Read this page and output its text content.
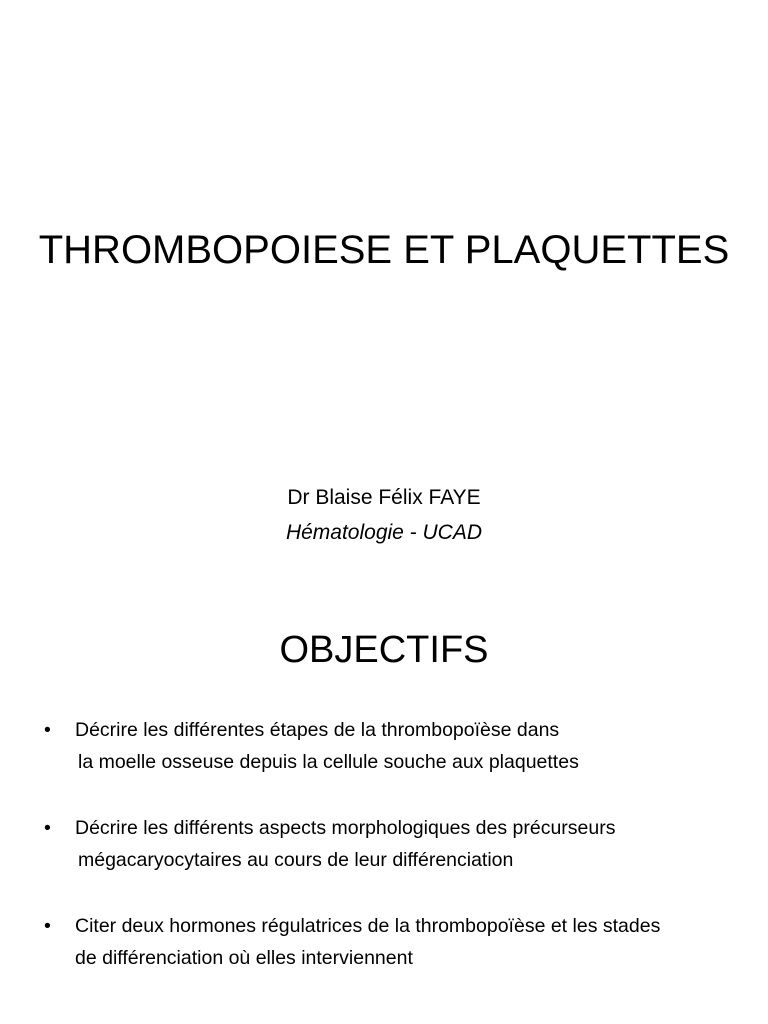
THROMBOPOIESE ET PLAQUETTES
Dr Blaise Félix FAYE
Hématologie - UCAD
OBJECTIFS
• Décrire les différentes étapes de la thrombopoïèse dans
la moelle osseuse depuis la cellule souche aux plaquettes
• Décrire les différents aspects morphologiques des précurseurs
mégacaryocytaires au cours de leur différenciation
• Citer deux hormones régulatrices de la thrombopoïèse et les stades
de différenciation où elles interviennent
